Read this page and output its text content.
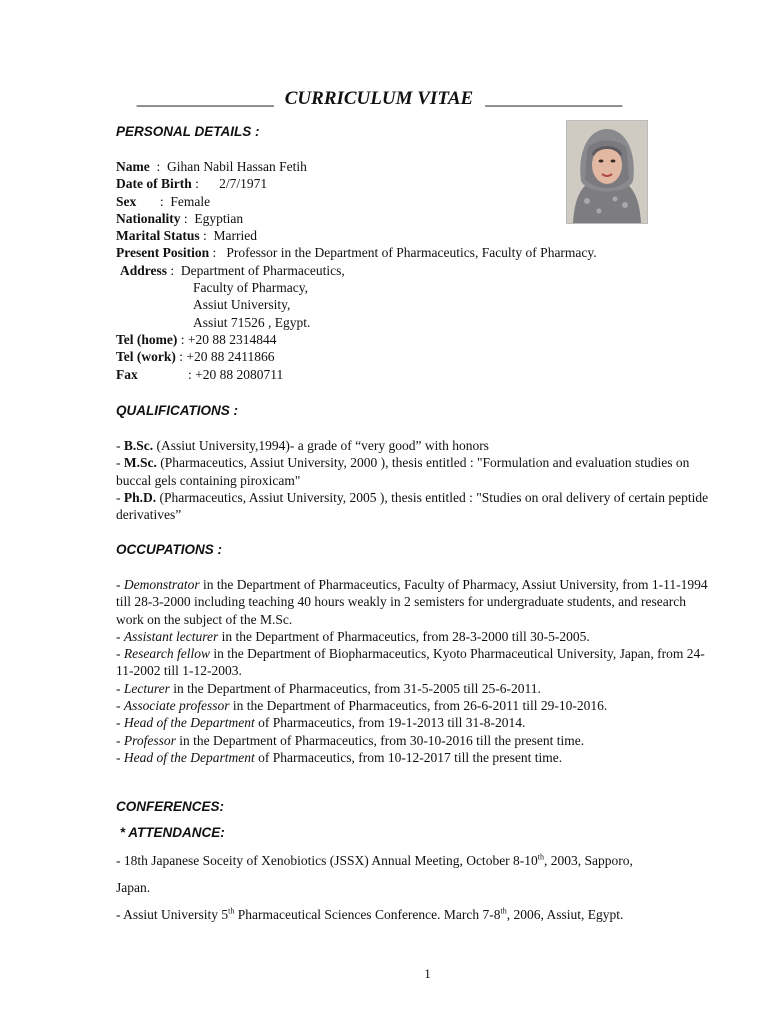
________________ CURRICULUM VITAE ________________
PERSONAL DETAILS :
Name  :  Gihan Nabil Hassan Fetih
Date of Birth :      2/7/1971
Sex       :  Female
Nationality :  Egyptian
Marital Status :  Married
Present Position :   Professor in the Department of Pharmaceutics, Faculty of Pharmacy.
Address :  Department of Pharmaceutics,
Faculty of Pharmacy,
Assiut University,
Assiut 71526 , Egypt.
Tel (home) : +20 88 2314844
Tel (work) : +20 88 2411866
Fax	: +20 88 2080711
QUALIFICATIONS :
- B.Sc. (Assiut University,1994)- a grade of “very good” with honors
- M.Sc. (Pharmaceutics, Assiut University, 2000 ), thesis entitled : "Formulation and evaluation studies on buccal gels containing piroxicam"
- Ph.D. (Pharmaceutics, Assiut University, 2005 ), thesis entitled : "Studies on oral delivery of certain peptide derivatives”
OCCUPATIONS :
- Demonstrator in the Department of Pharmaceutics, Faculty of Pharmacy, Assiut University, from 1-11-1994 till 28-3-2000 including teaching 40 hours weakly in 2 semisters for undergraduate students, and research work on the subject of the M.Sc.
- Assistant lecturer in the Department of Pharmaceutics, from 28-3-2000 till 30-5-2005.
- Research fellow in the Department of Biopharmaceutics, Kyoto Pharmaceutical University, Japan, from 24-11-2002 till 1-12-2003.
- Lecturer in the Department of Pharmaceutics, from 31-5-2005 till 25-6-2011.
- Associate professor in the Department of Pharmaceutics, from 26-6-2011 till 29-10-2016.
- Head of the Department of Pharmaceutics, from 19-1-2013 till 31-8-2014.
- Professor in the Department of Pharmaceutics, from 30-10-2016 till the present time.
- Head of the Department of Pharmaceutics, from 10-12-2017 till the present time.
CONFERENCES:
* ATTENDANCE:
- 18th Japanese Soceity of Xenobiotics (JSSX) Annual Meeting, October 8-10th, 2003, Sapporo,
Japan.
- Assiut University 5th Pharmaceutical Sciences Conference. March 7-8th, 2006, Assiut, Egypt.
1
